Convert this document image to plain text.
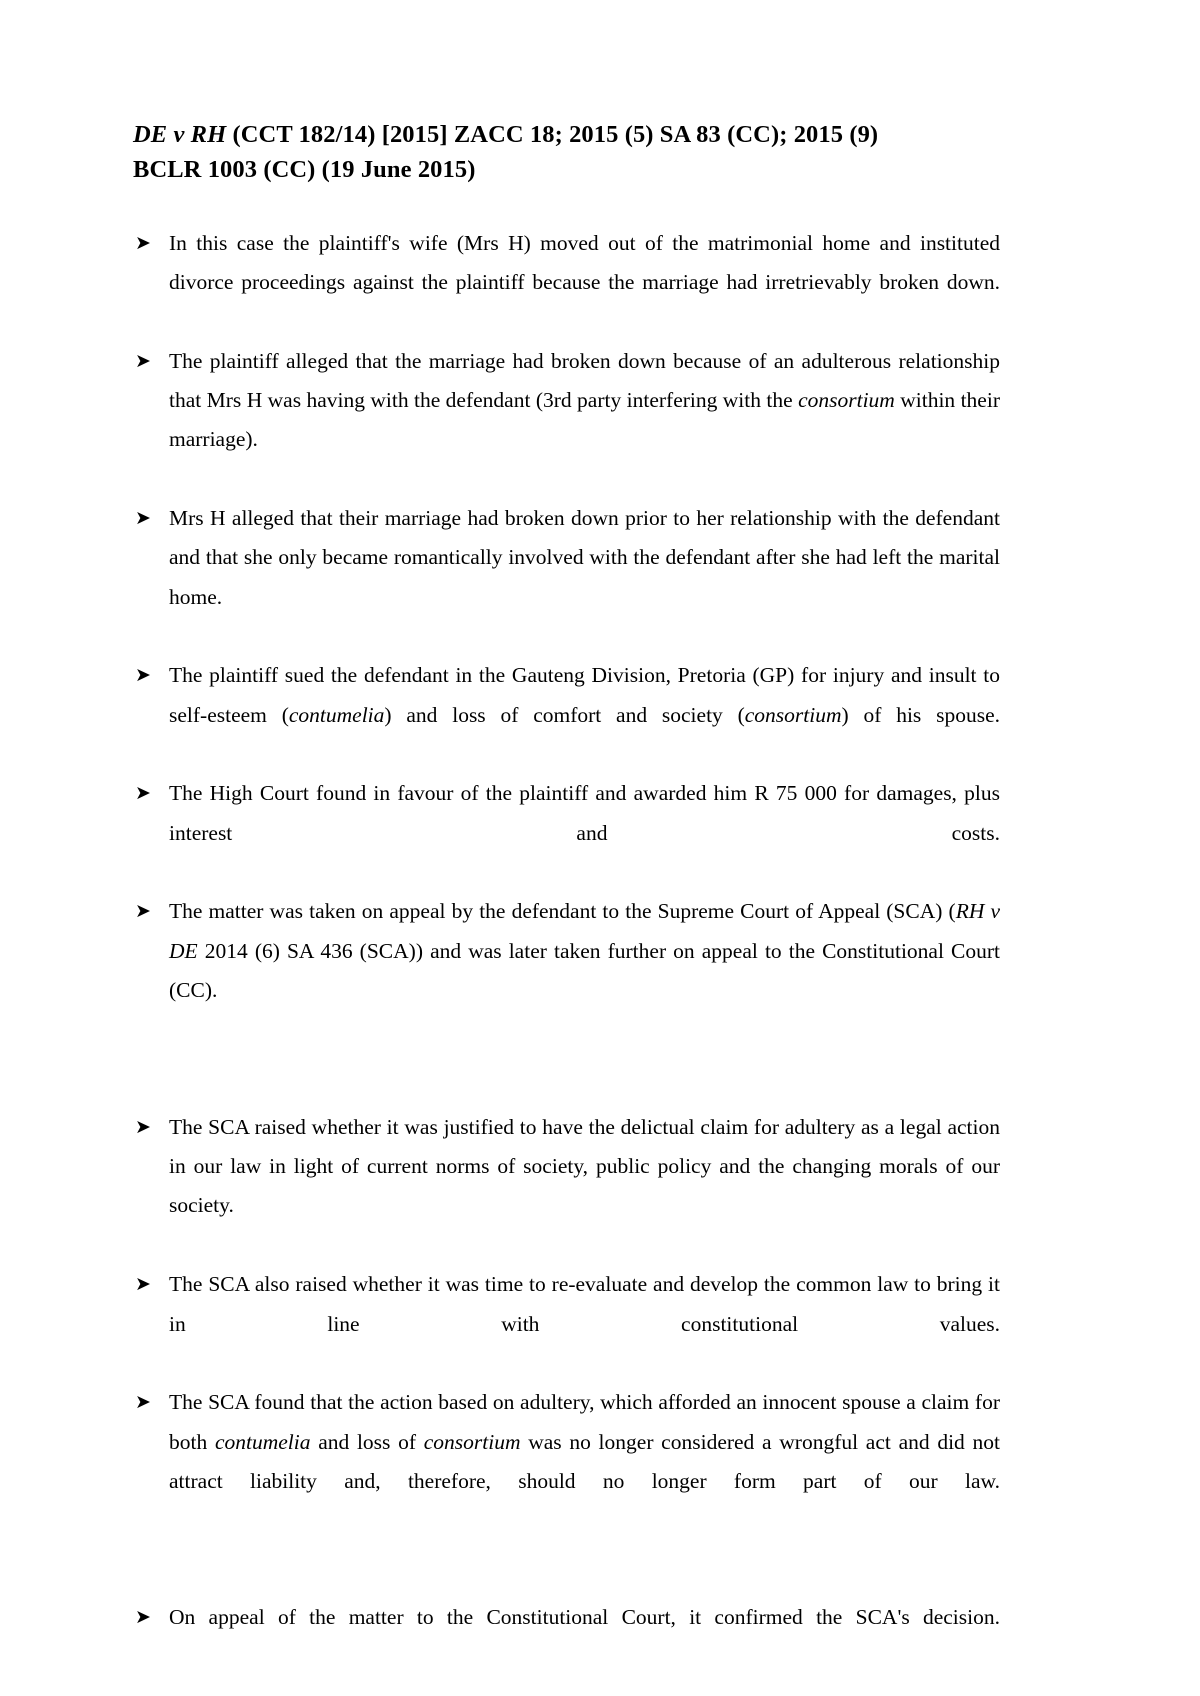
DE v RH (CCT 182/14) [2015] ZACC 18; 2015 (5) SA 83 (CC); 2015 (9) BCLR 1003 (CC) (19 June 2015)
➤ In this case the plaintiff's wife (Mrs H) moved out of the matrimonial home and instituted divorce proceedings against the plaintiff because the marriage had irretrievably broken down.
➤ The plaintiff alleged that the marriage had broken down because of an adulterous relationship that Mrs H was having with the defendant (3rd party interfering with the consortium within their marriage).
➤ Mrs H alleged that their marriage had broken down prior to her relationship with the defendant and that she only became romantically involved with the defendant after she had left the marital home.
➤ The plaintiff sued the defendant in the Gauteng Division, Pretoria (GP) for injury and insult to self-esteem (contumelia) and loss of comfort and society (consortium) of his spouse.
➤ The High Court found in favour of the plaintiff and awarded him R 75 000 for damages, plus interest and costs.
➤ The matter was taken on appeal by the defendant to the Supreme Court of Appeal (SCA) (RH v DE 2014 (6) SA 436 (SCA)) and was later taken further on appeal to the Constitutional Court (CC).
➤ The SCA raised whether it was justified to have the delictual claim for adultery as a legal action in our law in light of current norms of society, public policy and the changing morals of our society.
➤ The SCA also raised whether it was time to re-evaluate and develop the common law to bring it in line with constitutional values.
➤ The SCA found that the action based on adultery, which afforded an innocent spouse a claim for both contumelia and loss of consortium was no longer considered a wrongful act and did not attract liability and, therefore, should no longer form part of our law.
➤ On appeal of the matter to the Constitutional Court, it confirmed the SCA's decision.
